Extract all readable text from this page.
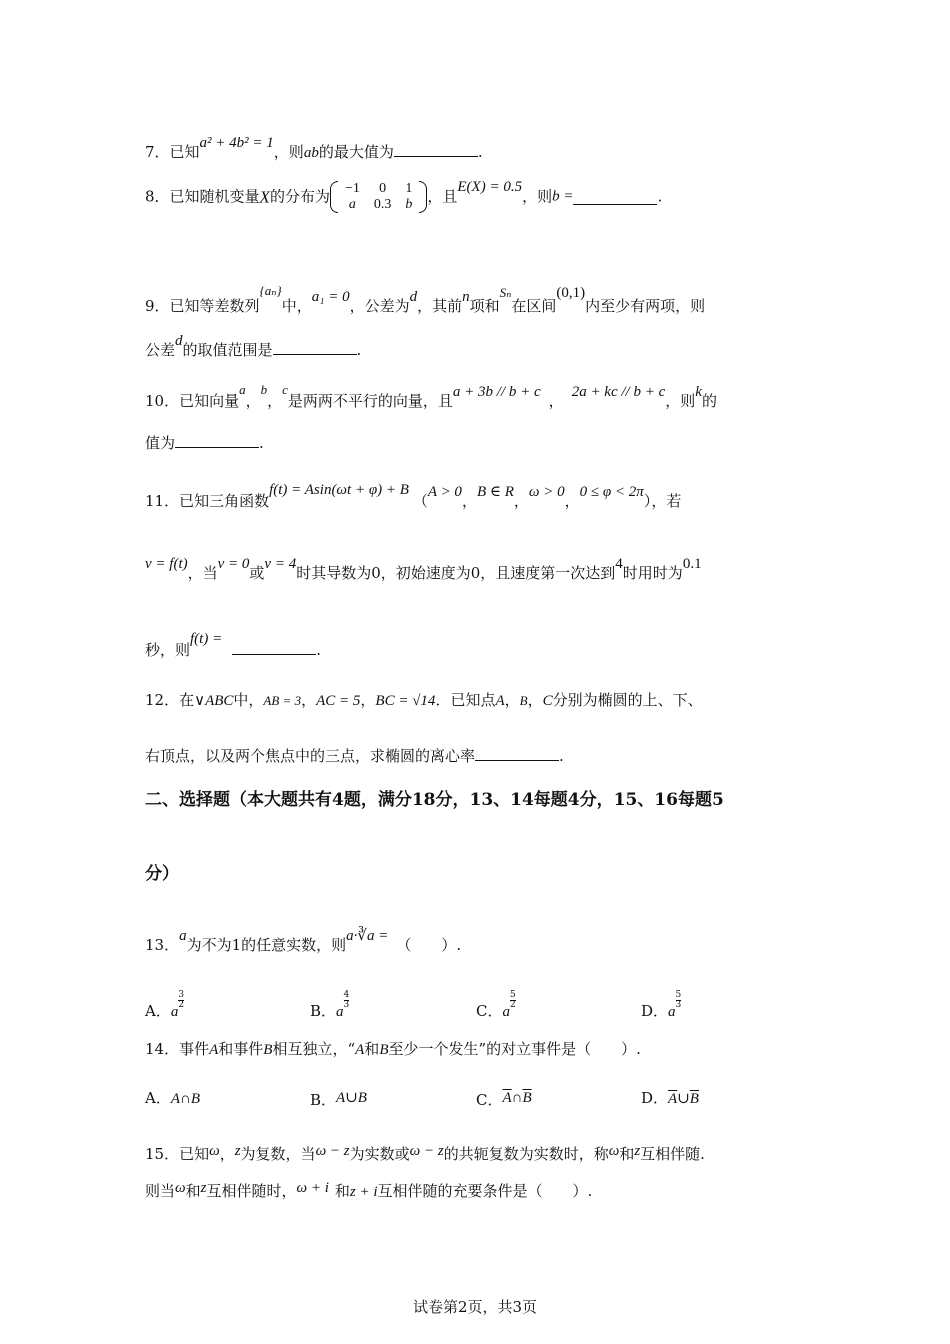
7．已知a² + 4b² = 1，则ab的最大值为	.
8．已知随机变量X的分布为 −1	0	1
a	0.3	b ，且E(X) = 0.5，则b =	.
9．已知等差数列{aₙ}中，a₁ = 0，公差为d，其前n项和Sₙ在区间(0,1)内至少有两项，则
公差d的取值范围是	.
10．已知向量a，b，c是两两不平行的向量，且a + 3b // b + c ， 2a + kc // b + c，则k的
值为	.
11．已知三角函数f(t) = Asin(ωt + φ) + B（A > 0，B ∈ R，ω > 0，0 ≤ φ < 2π），若
v = f(t)，当v = 0或v = 4时其导数为0，初始速度为0，且速度第一次达到4时用时为0.1
秒，则f(t) =.
12．在∨ABC中，AB = 3，AC = 5，BC = √14．已知点A，B，C分别为椭圆的上、下、
右顶点，以及两个焦点中的三点，求椭圆的离心率	.
二、选择题（本大题共有4题，满分18分，13、14每题4分，15、16每题5
分）
13．a为不为1的任意实数，则a·∛a = （　　）.
A．a
$\frac{3}{2}$
B．a
$\frac{4}{3}$
C．a
$\frac{5}{2}$
D．a
$\frac{5}{3}$
14．事件A和事件B相互独立，“A和B至少一个发生”的对立事件是（　　）.
A．A∩B	B．A∪B	C．$\overline{A}\cap\overline{B}$	D．$\overline{A}\cup\overline{B}$
15．已知ω，z为复数，当ω − z为实数或ω − z的共轭复数为实数时，称ω和z互相伴随.
则当ω和z互相伴随时，ω + i 和z + i互相伴随的充要条件是（　　）.
试卷第2页，共3页
